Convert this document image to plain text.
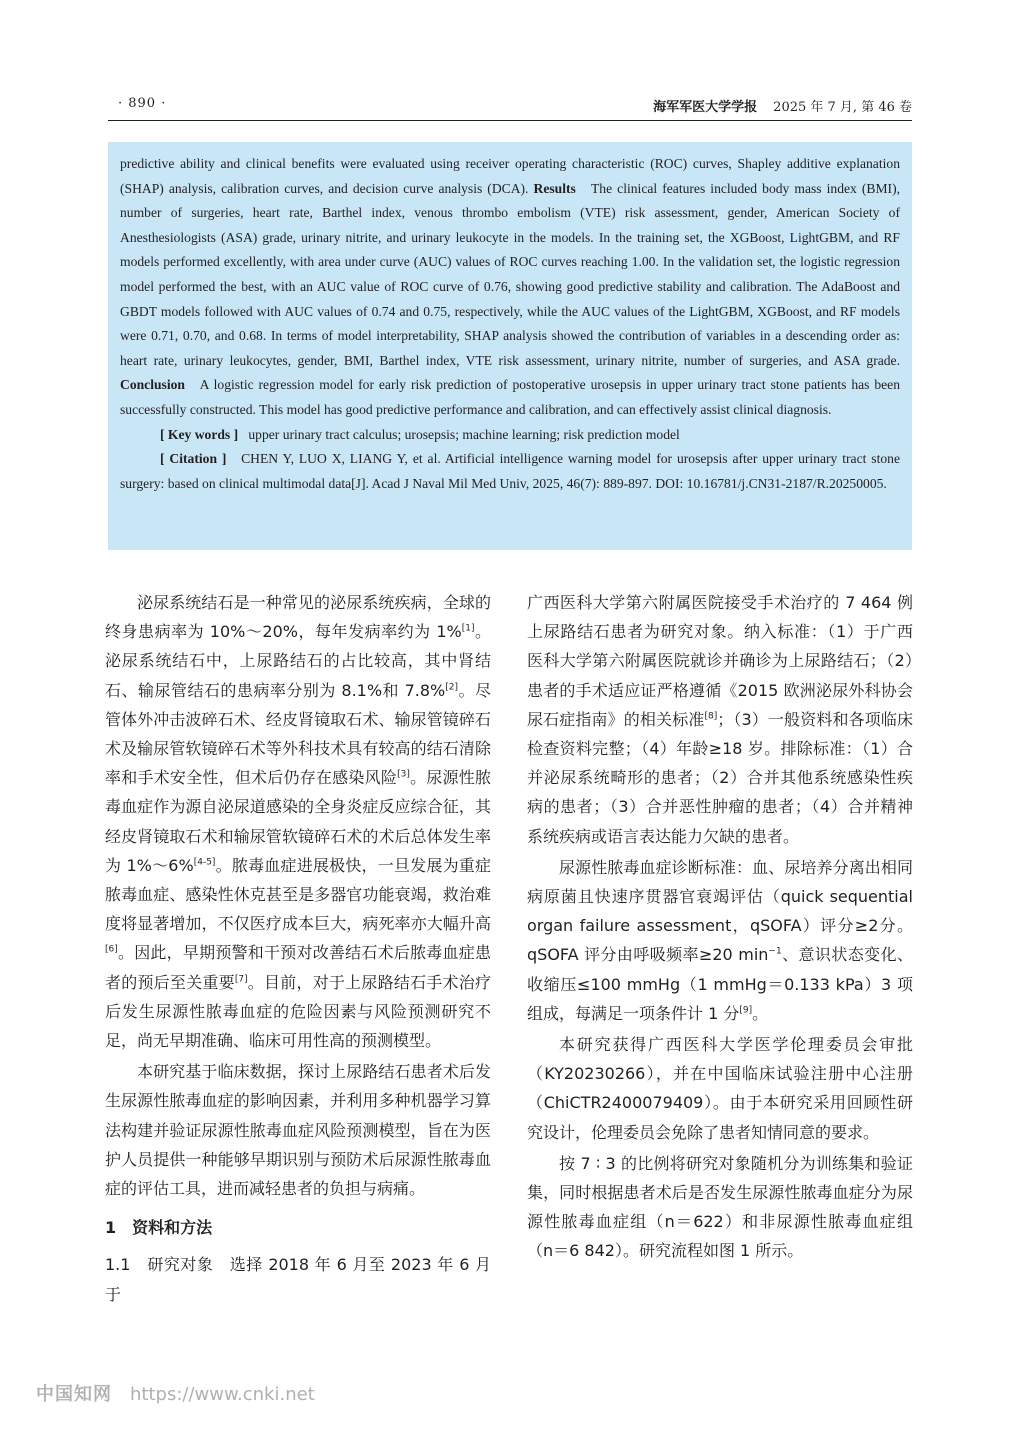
· 890 ·	海军军医大学学报 2025 年 7 月, 第 46 卷

predictive ability and clinical benefits were evaluated using receiver operating characteristic (ROC) curves, Shapley additive explanation (SHAP) analysis, calibration curves, and decision curve analysis (DCA). Results The clinical features included body mass index (BMI), number of surgeries, heart rate, Barthel index, venous thrombo embolism (VTE) risk assessment, gender, American Society of Anesthesiologists (ASA) grade, urinary nitrite, and urinary leukocyte in the models. In the training set, the XGBoost, LightGBM, and RF models performed excellently, with area under curve (AUC) values of ROC curves reaching 1.00. In the validation set, the logistic regression model performed the best, with an AUC value of ROC curve of 0.76, showing good predictive stability and calibration. The AdaBoost and GBDT models followed with AUC values of 0.74 and 0.75, respectively, while the AUC values of the LightGBM, XGBoost, and RF models were 0.71, 0.70, and 0.68. In terms of model interpretability, SHAP analysis showed the contribution of variables in a descending order as: heart rate, urinary leukocytes, gender, BMI, Barthel index, VTE risk assessment, urinary nitrite, number of surgeries, and ASA grade. Conclusion A logistic regression model for early risk prediction of postoperative urosepsis in upper urinary tract stone patients has been successfully constructed. This model has good predictive performance and calibration, and can effectively assist clinical diagnosis.

[ Key words ] upper urinary tract calculus; urosepsis; machine learning; risk prediction model

[ Citation ] CHEN Y, LUO X, LIANG Y, et al. Artificial intelligence warning model for urosepsis after upper urinary tract stone surgery: based on clinical multimodal data[J]. Acad J Naval Mil Med Univ, 2025, 46(7): 889-897. DOI: 10.16781/j.CN31-2187/R.20250005.

泌尿系统结石是一种常见的泌尿系统疾病，全球的终身患病率为 10%～20%，每年发病率约为 1%[1]。泌尿系统结石中，上尿路结石的占比较高，其中肾结石、输尿管结石的患病率分别为 8.1%和 7.8%[2]。尽管体外冲击波碎石术、经皮肾镜取石术、输尿管镜碎石术及输尿管软镜碎石术等外科技术具有较高的结石清除率和手术安全性，但术后仍存在感染风险[3]。尿源性脓毒血症作为源自泌尿道感染的全身炎症反应综合征，其经皮肾镜取石术和输尿管软镜碎石术的术后总体发生率为 1%～6%[4-5]。脓毒血症进展极快，一旦发展为重症脓毒血症、感染性休克甚至是多器官功能衰竭，救治难度将显著增加，不仅医疗成本巨大，病死率亦大幅升高[6]。因此，早期预警和干预对改善结石术后脓毒血症患者的预后至关重要[7]。目前，对于上尿路结石手术治疗后发生尿源性脓毒血症的危险因素与风险预测研究不足，尚无早期准确、临床可用性高的预测模型。

本研究基于临床数据，探讨上尿路结石患者术后发生尿源性脓毒血症的影响因素，并利用多种机器学习算法构建并验证尿源性脓毒血症风险预测模型，旨在为医护人员提供一种能够早期识别与预防术后尿源性脓毒血症的评估工具，进而减轻患者的负担与病痛。

1　资料和方法

1.1　研究对象　选择 2018 年 6 月至 2023 年 6 月于

广西医科大学第六附属医院接受手术治疗的 7 464 例上尿路结石患者为研究对象。纳入标准：（1）于广西医科大学第六附属医院就诊并确诊为上尿路结石；（2）患者的手术适应证严格遵循《2015 欧洲泌尿外科协会尿石症指南》的相关标准[8]；（3）一般资料和各项临床检查资料完整；（4）年龄≥18 岁。排除标准：（1）合并泌尿系统畸形的患者；（2）合并其他系统感染性疾病的患者；（3）合并恶性肿瘤的患者；（4）合并精神系统疾病或语言表达能力欠缺的患者。

尿源性脓毒血症诊断标准：血、尿培养分离出相同病原菌且快速序贯器官衰竭评估（quick sequential organ failure assessment，qSOFA）评分≥2分。qSOFA 评分由呼吸频率≥20 $\min^{-1}$、意识状态变化、收缩压≤100 mmHg（1 mmHg＝0.133 kPa）3 项组成，每满足一项条件计 1 分[9]。

本研究获得广西医科大学医学伦理委员会审批（KY20230266），并在中国临床试验注册中心注册（ChiCTR2400079409）。由于本研究采用回顾性研究设计，伦理委员会免除了患者知情同意的要求。

按 7 ∶ 3 的比例将研究对象随机分为训练集和验证集，同时根据患者术后是否发生尿源性脓毒血症分为尿源性脓毒血症组（n＝622）和非尿源性脓毒血症组（n＝6 842）。研究流程如图 1 所示。

中国知网 https://www.cnki.net
